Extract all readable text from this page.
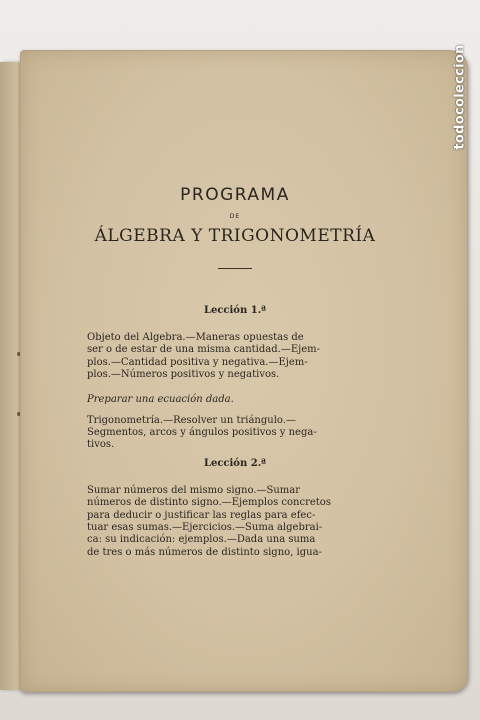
PROGRAMA

DE

ÁLGEBRA Y TRIGONOMETRÍA

Lección 1.ª

Objeto del Algebra.—Maneras opuestas de
ser o de estar de una misma cantidad.—Ejem-
plos.—Cantidad positiva y negativa.—Ejem-
plos.—Números positivos y negativos.

Preparar una ecuación dada.

Trigonometría.—Resolver un triángulo.—
Segmentos, arcos y ángulos positivos y nega-
tivos.

Lección 2.ª

Sumar números del mismo signo.—Sumar
números de distinto signo.—Ejemplos concretos
para deducir o justificar las reglas para efec-
tuar esas sumas.—Ejercicios.—Suma algebrai-
ca: su indicación: ejemplos.—Dada una suma
de tres o más números de distinto signo, igua-

todocoleccion
